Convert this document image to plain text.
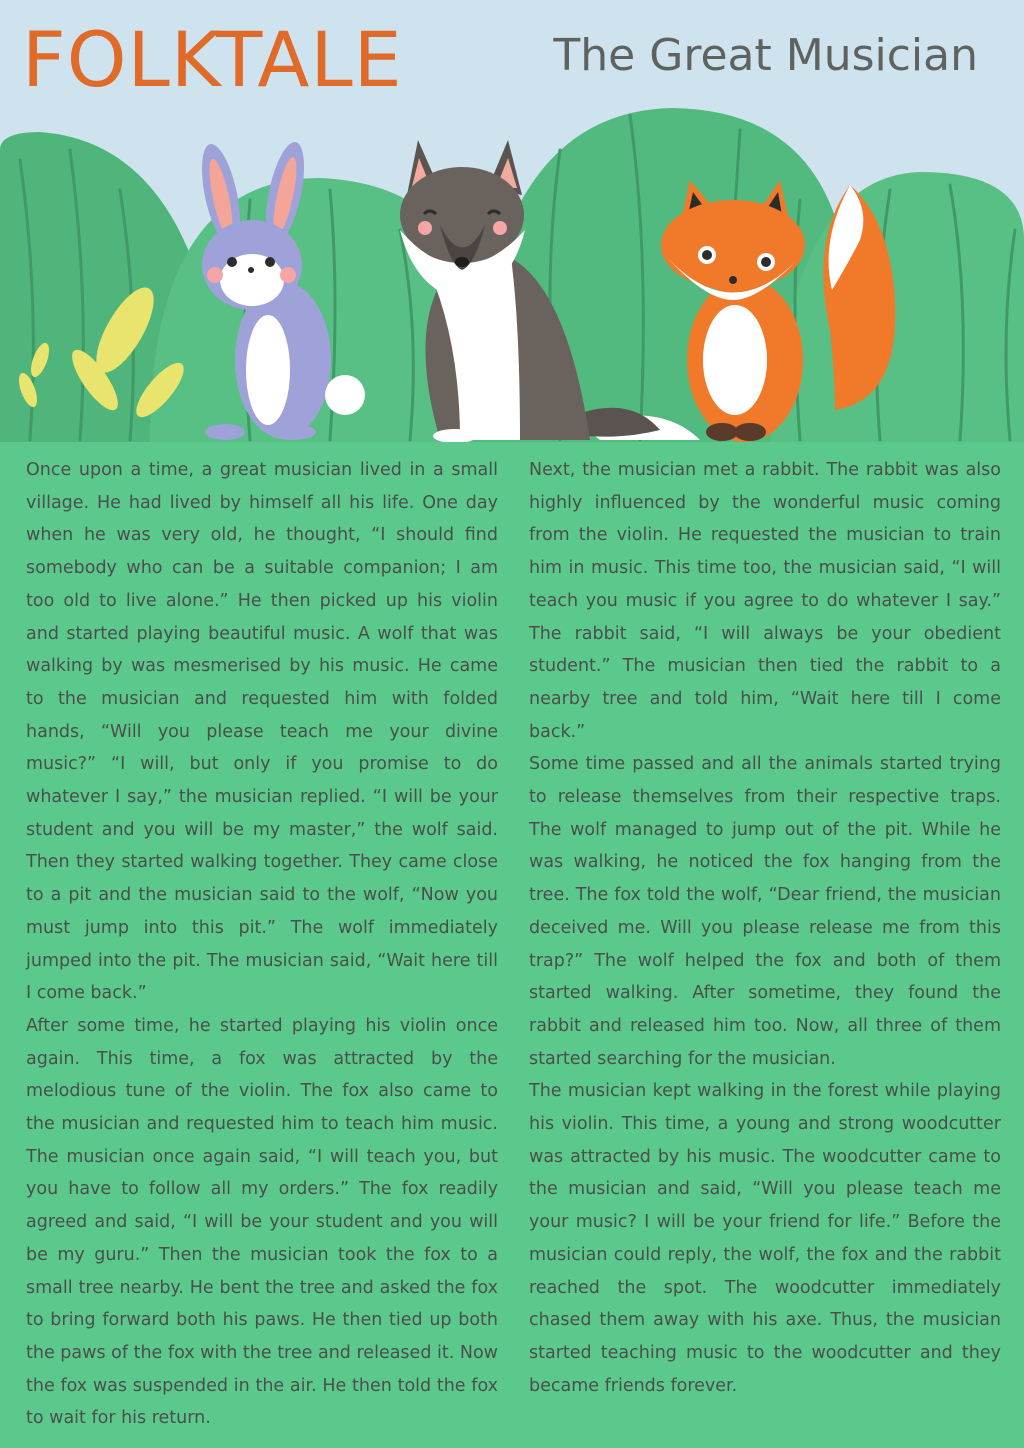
FOLKTALE	The Great Musician

Once upon a time, a great musician lived in a small village. He had lived by himself all his life. One day when he was very old, he thought, “I should find somebody who can be a suitable companion; I am too old to live alone.” He then picked up his violin and started playing beautiful music. A wolf that was walking by was mesmerised by his music. He came to the musician and requested him with folded hands, “Will you please teach me your divine music?” “I will, but only if you promise to do whatever I say,” the musician replied. “I will be your student and you will be my master,” the wolf said. Then they started walking together. They came close to a pit and the musician said to the wolf, “Now you must jump into this pit.” The wolf immediately jumped into the pit. The musician said, “Wait here till I come back.”

After some time, he started playing his violin once again. This time, a fox was attracted by the melodious tune of the violin. The fox also came to the musician and requested him to teach him music. The musician once again said, “I will teach you, but you have to follow all my orders.” The fox readily agreed and said, “I will be your student and you will be my guru.” Then the musician took the fox to a small tree nearby. He bent the tree and asked the fox to bring forward both his paws. He then tied up both the paws of the fox with the tree and released it. Now the fox was suspended in the air. He then told the fox to wait for his return.

Next, the musician met a rabbit. The rabbit was also highly influenced by the wonderful music coming from the violin. He requested the musician to train him in music. This time too, the musician said, “I will teach you music if you agree to do whatever I say.” The rabbit said, “I will always be your obedient student.” The musician then tied the rabbit to a nearby tree and told him, “Wait here till I come back.”

Some time passed and all the animals started trying to release themselves from their respective traps. The wolf managed to jump out of the pit. While he was walking, he noticed the fox hanging from the tree. The fox told the wolf, “Dear friend, the musician deceived me. Will you please release me from this trap?” The wolf helped the fox and both of them started walking. After sometime, they found the rabbit and released him too. Now, all three of them started searching for the musician.

The musician kept walking in the forest while playing his violin. This time, a young and strong woodcutter was attracted by his music. The woodcutter came to the musician and said, “Will you please teach me your music? I will be your friend for life.” Before the musician could reply, the wolf, the fox and the rabbit reached the spot. The woodcutter immediately chased them away with his axe. Thus, the musician started teaching music to the woodcutter and they became friends forever.
